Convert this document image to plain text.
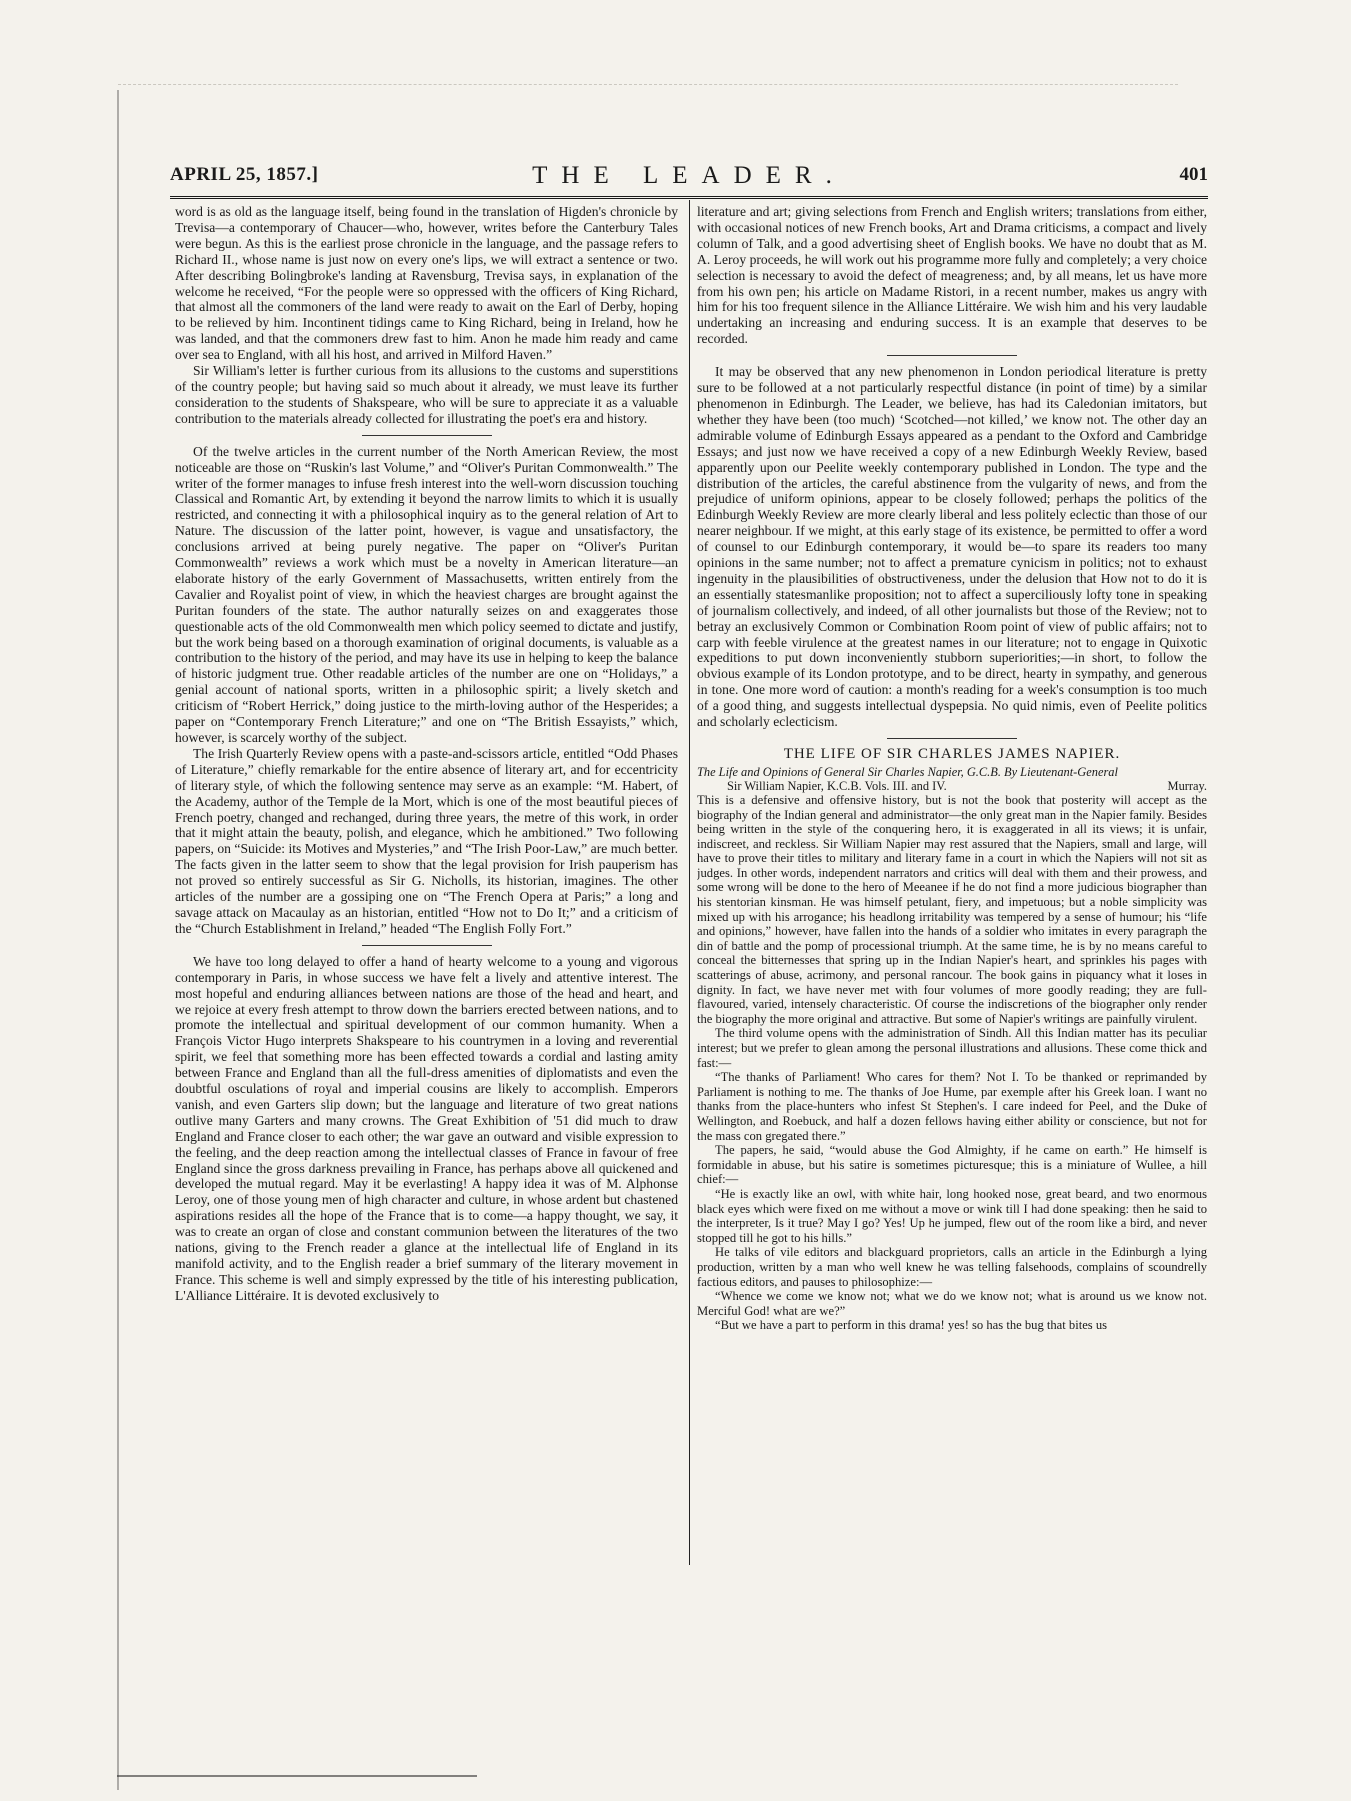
APRIL 25, 1857.]	THE LEADER.	401

word is as old as the language itself, being found in the translation of Higden's chronicle by Trevisa—a contemporary of Chaucer—who, however, writes before the Canterbury Tales were begun. As this is the earliest prose chronicle in the language, and the passage refers to Richard II., whose name is just now on every one's lips, we will extract a sentence or two. After describing Bolingbroke's landing at Ravensburg, Trevisa says, in explanation of the welcome he received, “For the people were so oppressed with the officers of King Richard, that almost all the commoners of the land were ready to await on the Earl of Derby, hoping to be relieved by him. Incontinent tidings came to King Richard, being in Ireland, how he was landed, and that the commoners drew fast to him. Anon he made him ready and came over sea to England, with all his host, and arrived in Milford Haven.”

Sir William's letter is further curious from its allusions to the customs and superstitions of the country people; but having said so much about it already, we must leave its further consideration to the students of Shakspeare, who will be sure to appreciate it as a valuable contribution to the materials already collected for illustrating the poet's era and history.

Of the twelve articles in the current number of the North American Review, the most noticeable are those on “Ruskin's last Volume,” and “Oliver's Puritan Commonwealth.” The writer of the former manages to infuse fresh interest into the well-worn discussion touching Classical and Romantic Art, by extending it beyond the narrow limits to which it is usually restricted, and connecting it with a philosophical inquiry as to the general relation of Art to Nature. The discussion of the latter point, however, is vague and unsatisfactory, the conclusions arrived at being purely negative. The paper on “Oliver's Puritan Commonwealth” reviews a work which must be a novelty in American literature—an elaborate history of the early Government of Massachusetts, written entirely from the Cavalier and Royalist point of view, in which the heaviest charges are brought against the Puritan founders of the state. The author naturally seizes on and exaggerates those questionable acts of the old Commonwealth men which policy seemed to dictate and justify, but the work being based on a thorough examination of original documents, is valuable as a contribution to the history of the period, and may have its use in helping to keep the balance of historic judgment true. Other readable articles of the number are one on “Holidays,” a genial account of national sports, written in a philosophic spirit; a lively sketch and criticism of “Robert Herrick,” doing justice to the mirth-loving author of the Hesperides; a paper on “Contemporary French Literature;” and one on “The British Essayists,” which, however, is scarcely worthy of the subject.

The Irish Quarterly Review opens with a paste-and-scissors article, entitled “Odd Phases of Literature,” chiefly remarkable for the entire absence of literary art, and for eccentricity of literary style, of which the following sentence may serve as an example: “M. Habert, of the Academy, author of the Temple de la Mort, which is one of the most beautiful pieces of French poetry, changed and rechanged, during three years, the metre of this work, in order that it might attain the beauty, polish, and elegance, which he ambitioned.” Two following papers, on “Suicide: its Motives and Mysteries,” and “The Irish Poor-Law,” are much better. The facts given in the latter seem to show that the legal provision for Irish pauperism has not proved so entirely successful as Sir G. Nicholls, its historian, imagines. The other articles of the number are a gossiping one on “The French Opera at Paris;” a long and savage attack on Macaulay as an historian, entitled “How not to Do It;” and a criticism of the “Church Establishment in Ireland,” headed “The English Folly Fort.”

We have too long delayed to offer a hand of hearty welcome to a young and vigorous contemporary in Paris, in whose success we have felt a lively and attentive interest. The most hopeful and enduring alliances between nations are those of the head and heart, and we rejoice at every fresh attempt to throw down the barriers erected between nations, and to promote the intellectual and spiritual development of our common humanity. When a François Victor Hugo interprets Shakspeare to his countrymen in a loving and reverential spirit, we feel that something more has been effected towards a cordial and lasting amity between France and England than all the full-dress amenities of diplomatists and even the doubtful osculations of royal and imperial cousins are likely to accomplish. Emperors vanish, and even Garters slip down; but the language and literature of two great nations outlive many Garters and many crowns. The Great Exhibition of '51 did much to draw England and France closer to each other; the war gave an outward and visible expression to the feeling, and the deep reaction among the intellectual classes of France in favour of free England since the gross darkness prevailing in France, has perhaps above all quickened and developed the mutual regard. May it be everlasting! A happy idea it was of M. Alphonse Leroy, one of those young men of high character and culture, in whose ardent but chastened aspirations resides all the hope of the France that is to come—a happy thought, we say, it was to create an organ of close and constant communion between the literatures of the two nations, giving to the French reader a glance at the intellectual life of England in its manifold activity, and to the English reader a brief summary of the literary movement in France. This scheme is well and simply expressed by the title of his interesting publication, L'Alliance Littéraire. It is devoted exclusively to

literature and art; giving selections from French and English writers; translations from either, with occasional notices of new French books, Art and Drama criticisms, a compact and lively column of Talk, and a good advertising sheet of English books. We have no doubt that as M. A. Leroy proceeds, he will work out his programme more fully and completely; a very choice selection is necessary to avoid the defect of meagreness; and, by all means, let us have more from his own pen; his article on Madame Ristori, in a recent number, makes us angry with him for his too frequent silence in the Alliance Littéraire. We wish him and his very laudable undertaking an increasing and enduring success. It is an example that deserves to be recorded.

It may be observed that any new phenomenon in London periodical literature is pretty sure to be followed at a not particularly respectful distance (in point of time) by a similar phenomenon in Edinburgh. The Leader, we believe, has had its Caledonian imitators, but whether they have been (too much) ‘Scotched—not killed,’ we know not. The other day an admirable volume of Edinburgh Essays appeared as a pendant to the Oxford and Cambridge Essays; and just now we have received a copy of a new Edinburgh Weekly Review, based apparently upon our Peelite weekly contemporary published in London. The type and the distribution of the articles, the careful abstinence from the vulgarity of news, and from the prejudice of uniform opinions, appear to be closely followed; perhaps the politics of the Edinburgh Weekly Review are more clearly liberal and less politely eclectic than those of our nearer neighbour. If we might, at this early stage of its existence, be permitted to offer a word of counsel to our Edinburgh contemporary, it would be—to spare its readers too many opinions in the same number; not to affect a premature cynicism in politics; not to exhaust ingenuity in the plausibilities of obstructiveness, under the delusion that How not to do it is an essentially statesmanlike proposition; not to affect a superciliously lofty tone in speaking of journalism collectively, and indeed, of all other journalists but those of the Review; not to betray an exclusively Common or Combination Room point of view of public affairs; not to carp with feeble virulence at the greatest names in our literature; not to engage in Quixotic expeditions to put down inconveniently stubborn superiorities;—in short, to follow the obvious example of its London prototype, and to be direct, hearty in sympathy, and generous in tone. One more word of caution: a month's reading for a week's consumption is too much of a good thing, and suggests intellectual dyspepsia. No quid nimis, even of Peelite politics and scholarly eclecticism.

THE LIFE OF SIR CHARLES JAMES NAPIER.
The Life and Opinions of General Sir Charles Napier, G.C.B. By Lieutenant-General
Sir William Napier, K.C.B. Vols. III. and IV.	Murray.

This is a defensive and offensive history, but is not the book that posterity will accept as the biography of the Indian general and administrator—the only great man in the Napier family. Besides being written in the style of the conquering hero, it is exaggerated in all its views; it is unfair, indiscreet, and reckless. Sir William Napier may rest assured that the Napiers, small and large, will have to prove their titles to military and literary fame in a court in which the Napiers will not sit as judges. In other words, independent narrators and critics will deal with them and their prowess, and some wrong will be done to the hero of Meeanee if he do not find a more judicious biographer than his stentorian kinsman. He was himself petulant, fiery, and impetuous; but a noble simplicity was mixed up with his arrogance; his headlong irritability was tempered by a sense of humour; his “life and opinions,” however, have fallen into the hands of a soldier who imitates in every paragraph the din of battle and the pomp of processional triumph. At the same time, he is by no means careful to conceal the bitternesses that spring up in the Indian Napier's heart, and sprinkles his pages with scatterings of abuse, acrimony, and personal rancour. The book gains in piquancy what it loses in dignity. In fact, we have never met with four volumes of more goodly reading; they are full-flavoured, varied, intensely characteristic. Of course the indiscretions of the biographer only render the biography the more original and attractive. But some of Napier's writings are painfully virulent.

The third volume opens with the administration of Sindh. All this Indian matter has its peculiar interest; but we prefer to glean among the personal illustrations and allusions. These come thick and fast:—

“The thanks of Parliament! Who cares for them? Not I. To be thanked or reprimanded by Parliament is nothing to me. The thanks of Joe Hume, par exemple after his Greek loan. I want no thanks from the place-hunters who infest St Stephen's. I care indeed for Peel, and the Duke of Wellington, and Roebuck, and half a dozen fellows having either ability or conscience, but not for the mass con gregated there.”

The papers, he said, “would abuse the God Almighty, if he came on earth.” He himself is formidable in abuse, but his satire is sometimes picturesque; this is a miniature of Wullee, a hill chief:—

“He is exactly like an owl, with white hair, long hooked nose, great beard, and two enormous black eyes which were fixed on me without a move or wink till I had done speaking: then he said to the interpreter, Is it true? May I go? Yes! Up he jumped, flew out of the room like a bird, and never stopped till he got to his hills.”

He talks of vile editors and blackguard proprietors, calls an article in the Edinburgh a lying production, written by a man who well knew he was telling falsehoods, complains of scoundrelly factious editors, and pauses to philosophize:—

“Whence we come we know not; what we do we know not; what is around us we know not. Merciful God! what are we?”

“But we have a part to perform in this drama! yes! so has the bug that bites us
